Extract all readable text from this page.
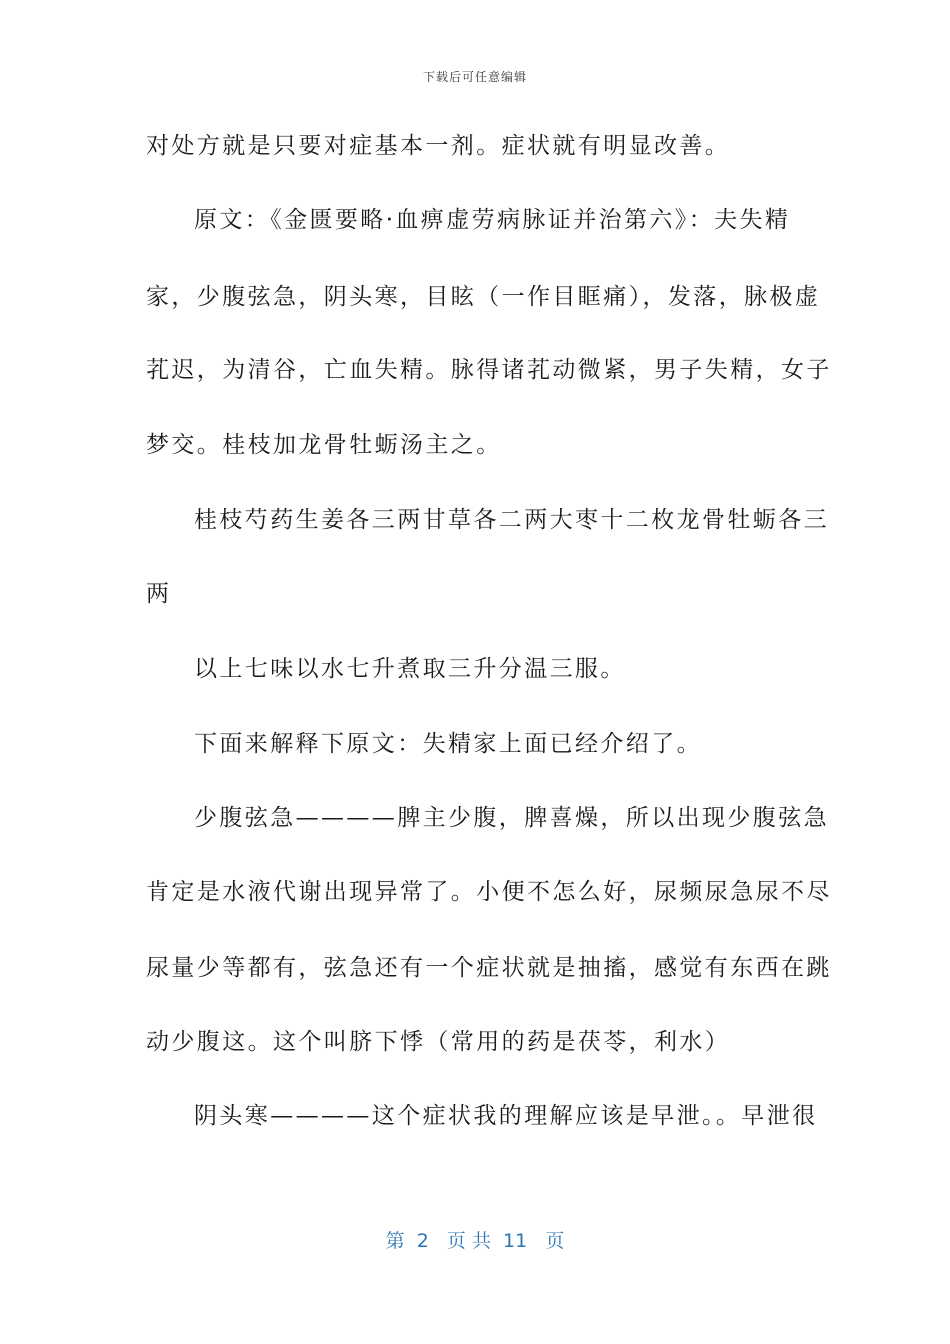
下载后可任意编辑
对处方就是只要对症基本一剂。症状就有明显改善。
原文：《金匮要略·血痹虚劳病脉证并治第六》：夫失精
家，少腹弦急，阴头寒，目眩（一作目眶痛），发落，脉极虚
芤迟，为清谷，亡血失精。脉得诸芤动微紧，男子失精，女子
梦交。桂枝加龙骨牡蛎汤主之。
桂枝芍药生姜各三两甘草各二两大枣十二枚龙骨牡蛎各三
两
以上七味以水七升煮取三升分温三服。
下面来解释下原文：失精家上面已经介绍了。
少腹弦急————脾主少腹，脾喜燥，所以出现少腹弦急
肯定是水液代谢出现异常了。小便不怎么好，尿频尿急尿不尽
尿量少等都有，弦急还有一个症状就是抽搐，感觉有东西在跳
动少腹这。这个叫脐下悸（常用的药是茯苓，利水）
阴头寒————这个症状我的理解应该是早泄。。早泄很
第  2   页 共  11   页
